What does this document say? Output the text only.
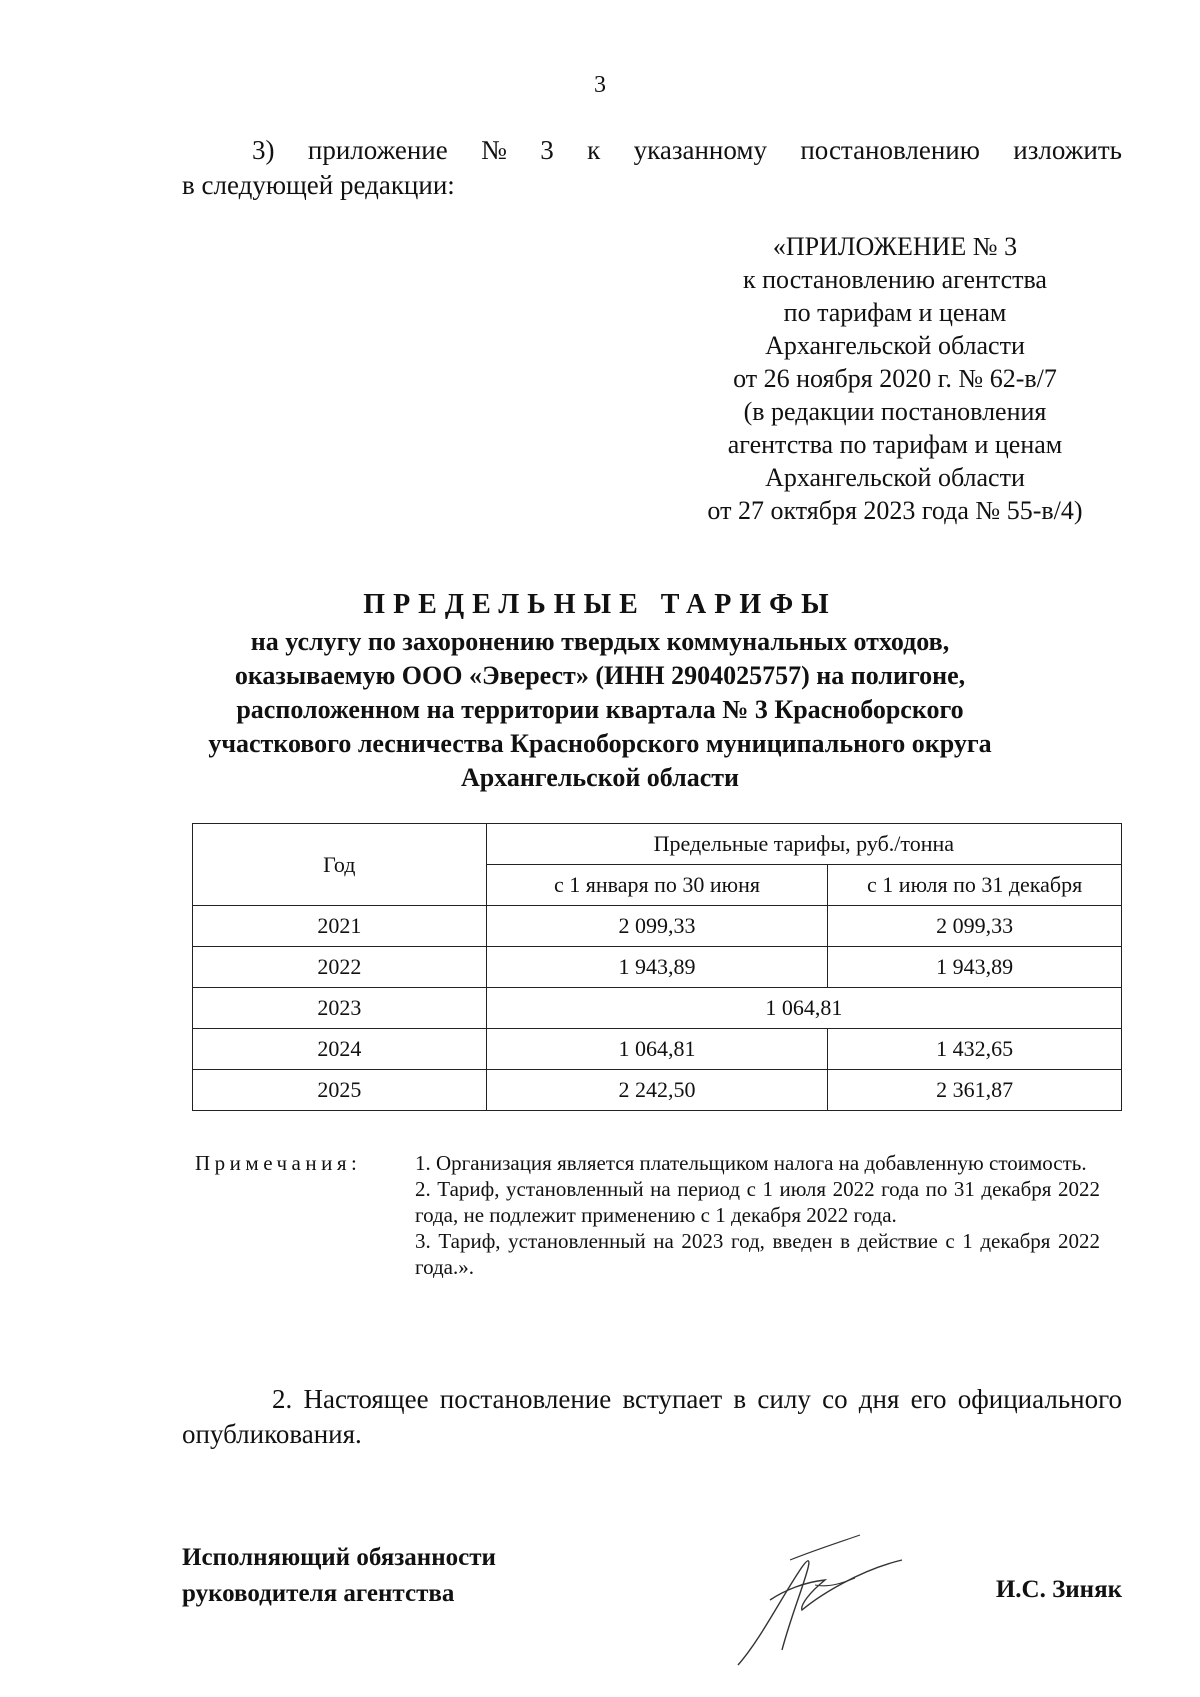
3
3) приложение № 3 к указанному постановлению изложить
в следующей редакции:
«ПРИЛОЖЕНИЕ № 3
к постановлению агентства
по тарифам и ценам
Архангельской области
от 26 ноября 2020 г. № 62-в/7
(в редакции постановления
агентства по тарифам и ценам
Архангельской области
от 27 октября 2023 года № 55-в/4)
ПРЕДЕЛЬНЫЕ ТАРИФЫ
на услугу по захоронению твердых коммунальных отходов,
оказываемую ООО «Эверест» (ИНН 2904025757) на полигоне,
расположенном на территории квартала № 3 Красноборского
участкового лесничества Красноборского муниципального округа
Архангельской области
Год	Предельные тарифы, руб./тонна	
	с 1 января по 30 июня	с 1 июля по 31 декабря
2021	2 099,33	2 099,33
2022	1 943,89	1 943,89
2023	1 064,81	
2024	1 064,81	1 432,65
2025	2 242,50	2 361,87
Примечания:	1. Организация является плательщиком налога на добавленную стоимость.
2. Тариф, установленный на период с 1 июля 2022 года по 31 декабря 2022 года, не подлежит применению с 1 декабря 2022 года.
3. Тариф, установленный на 2023 год, введен в действие с 1 декабря 2022 года.».
2. Настоящее постановление вступает в силу со дня его официального опубликования.
Исполняющий обязанности
руководителя агентства	И.С. Зиняк
